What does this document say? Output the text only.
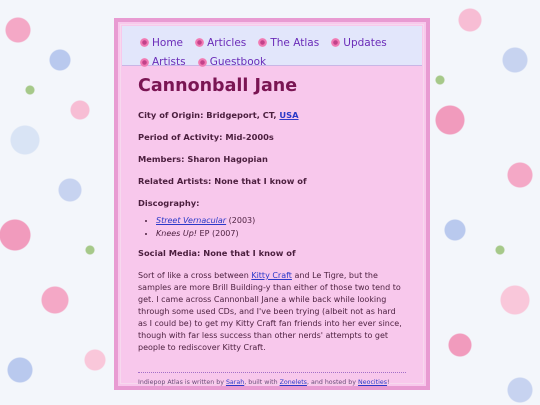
Home
Articles
The Atlas
Updates

Artists
Guestbook
Cannonball Jane

City of Origin: Bridgeport, CT, USA

Period of Activity: Mid-2000s

Members: Sharon Hagopian

Related Artists: None that I know of

Discography:

• Street Vernacular (2003)
• Knees Up! EP (2007)

Social Media: None that I know of

Sort of like a cross between Kitty Craft and Le Tigre, but the samples are more Brill Building-y than either of those two tend to get. I came across Cannonball Jane a while back while looking through some used CDs, and I've been trying (albeit not as hard as I could be) to get my Kitty Craft fan friends into her ever since, though with far less success than other nerds' attempts to get people to rediscover Kitty Craft.

Indiepop Atlas is written by Sarah, built with Zonelets, and hosted by Neocities!
